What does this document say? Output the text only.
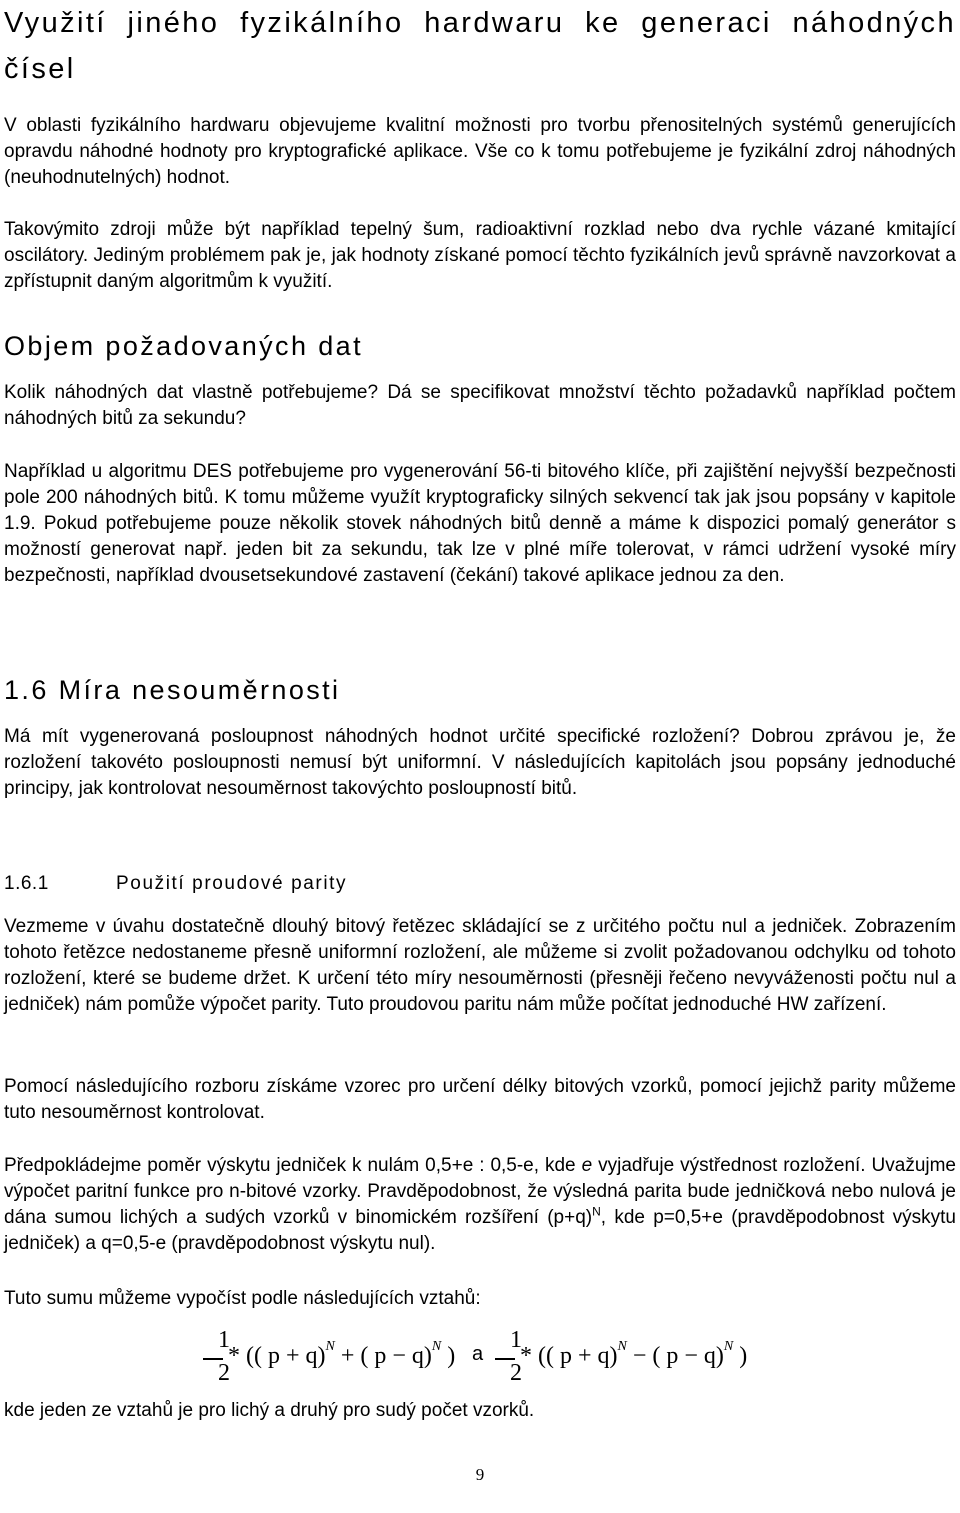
Využití jiného fyzikálního hardwaru ke generaci náhodných čísel

V oblasti fyzikálního hardwaru objevujeme kvalitní možnosti pro tvorbu přenositelných systémů generujících opravdu náhodné hodnoty pro kryptografické aplikace. Vše co k tomu potřebujeme je fyzikální zdroj náhodných (neuhodnutelných) hodnot.

Takovýmito zdroji může být například tepelný šum, radioaktivní rozklad nebo dva rychle vázané kmitající oscilátory. Jediným problémem pak je, jak hodnoty získané pomocí těchto fyzikálních jevů správně navzorkovat a zpřístupnit daným algoritmům k využití.

Objem požadovaných dat

Kolik náhodných dat vlastně potřebujeme? Dá se specifikovat množství těchto požadavků například počtem náhodných bitů za sekundu?

Například u algoritmu DES potřebujeme pro vygenerování 56-ti bitového klíče, při zajištění nejvyšší bezpečnosti pole 200 náhodných bitů. K tomu můžeme využít kryptograficky silných sekvencí tak jak jsou popsány v kapitole 1.9. Pokud potřebujeme pouze několik stovek náhodných bitů denně a máme k dispozici pomalý generátor s možností generovat např. jeden bit za sekundu, tak lze v plné míře tolerovat, v rámci udržení vysoké míry bezpečnosti, například dvousetsekundové zastavení (čekání) takové aplikace jednou za den.

1.6 Míra nesouměrnosti

Má mít vygenerovaná posloupnost náhodných hodnot určité specifické rozložení? Dobrou zprávou je, že rozložení takovéto posloupnosti nemusí být uniformní. V následujících kapitolách jsou popsány jednoduché principy, jak kontrolovat nesouměrnost takovýchto posloupností bitů.

1.6.1	Použití proudové parity

Vezmeme v úvahu dostatečně dlouhý bitový řetězec skládající se z určitého počtu nul a jedniček. Zobrazením tohoto řetězce nedostaneme přesně uniformní rozložení, ale můžeme si zvolit požadovanou odchylku od tohoto rozložení, které se budeme držet. K určení této míry nesouměrnosti (přesněji řečeno nevyváženosti počtu nul a jedniček) nám pomůže výpočet parity. Tuto proudovou paritu nám může počítat jednoduché HW zařízení.

Pomocí následujícího rozboru získáme vzorec pro určení délky bitových vzorků, pomocí jejichž parity můžeme tuto nesouměrnost kontrolovat.

Předpokládejme poměr výskytu jedniček k nulám 0,5+e : 0,5-e, kde e vyjadřuje výstřednost rozložení. Uvažujme výpočet paritní funkce pro n-bitové vzorky. Pravděpodobnost, že výsledná parita bude jedničková nebo nulová je dána sumou lichých a sudých vzorků v binomickém rozšíření $(p+q)^N$, kde p=0,5+e (pravděpodobnost výskytu jedniček) a q=0,5-e (pravděpodobnost výskytu nul).

Tuto sumu můžeme vypočíst podle následujících vztahů:

kde jeden ze vztahů je pro lichý a druhý pro sudý počet vzorků.

1
2
* (( p + q)$^N$ + ( p − q)$^N$ ) a
1
2
* (( p + q)$^N$ − ( p − q)$^N$ )
9
